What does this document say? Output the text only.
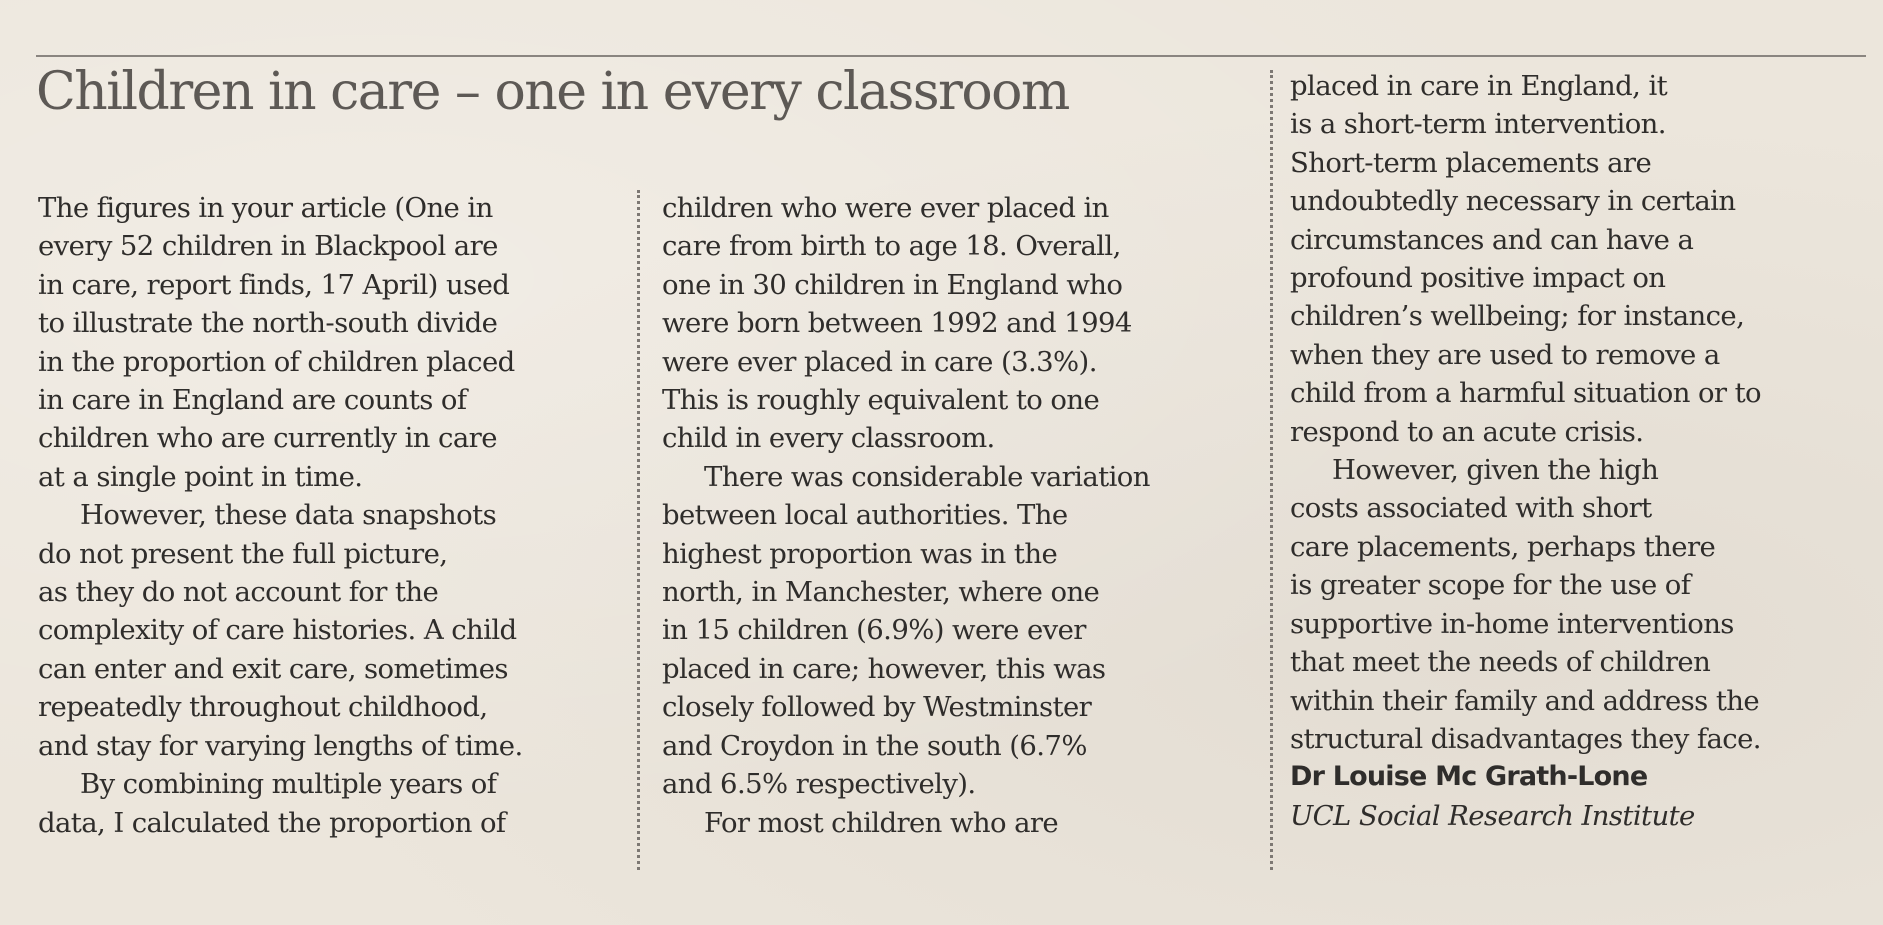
Children in care – one in every classroom
The figures in your article (One in
every 52 children in Blackpool are
in care, report finds, 17 April) used
to illustrate the north-south divide
in the proportion of children placed
in care in England are counts of
children who are currently in care
at a single point in time.
However, these data snapshots
do not present the full picture,
as they do not account for the
complexity of care histories. A child
can enter and exit care, sometimes
repeatedly throughout childhood,
and stay for varying lengths of time.
By combining multiple years of
data, I calculated the proportion of
children who were ever placed in
care from birth to age 18. Overall,
one in 30 children in England who
were born between 1992 and 1994
were ever placed in care (3.3%).
This is roughly equivalent to one
child in every classroom.
There was considerable variation
between local authorities. The
highest proportion was in the
north, in Manchester, where one
in 15 children (6.9%) were ever
placed in care; however, this was
closely followed by Westminster
and Croydon in the south (6.7%
and 6.5% respectively).
For most children who are
placed in care in England, it
is a short-term intervention.
Short-term placements are
undoubtedly necessary in certain
circumstances and can have a
profound positive impact on
children’s wellbeing; for instance,
when they are used to remove a
child from a harmful situation or to
respond to an acute crisis.
However, given the high
costs associated with short
care placements, perhaps there
is greater scope for the use of
supportive in-home interventions
that meet the needs of children
within their family and address the
structural disadvantages they face.
Dr Louise Mc Grath-Lone
UCL Social Research Institute
